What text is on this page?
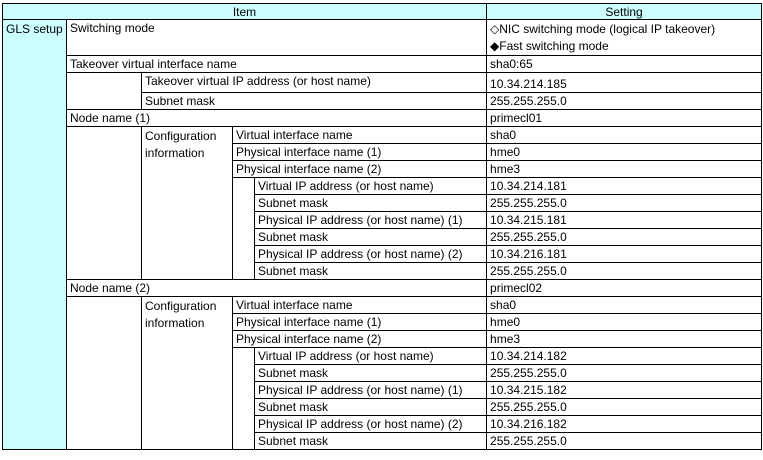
Item					Setting
GLS setup	Switching mode				◇NIC switching mode (logical IP takeover)
◆Fast switching mode

	Takeover virtual interface name				sha0:65
		Takeover virtual IP address (or host name)			10.34.214.185
		Subnet mask			255.255.255.0
	Node name (1)				primecl01
		Configuration information	Virtual interface name		sha0
			Physical interface name (1)		hme0
			Physical interface name (2)		hme3
				Virtual IP address (or host name)	10.34.214.181
				Subnet mask	255.255.255.0
				Physical IP address (or host name) (1)	10.34.215.181
				Subnet mask	255.255.255.0
				Physical IP address (or host name) (2)	10.34.216.181
				Subnet mask	255.255.255.0
	Node name (2)				primecl02
		Configuration information	Virtual interface name		sha0
			Physical interface name (1)		hme0
			Physical interface name (2)		hme3
				Virtual IP address (or host name)	10.34.214.182
				Subnet mask	255.255.255.0
				Physical IP address (or host name) (1)	10.34.215.182
				Subnet mask	255.255.255.0
				Physical IP address (or host name) (2)	10.34.216.182
				Subnet mask	255.255.255.0
